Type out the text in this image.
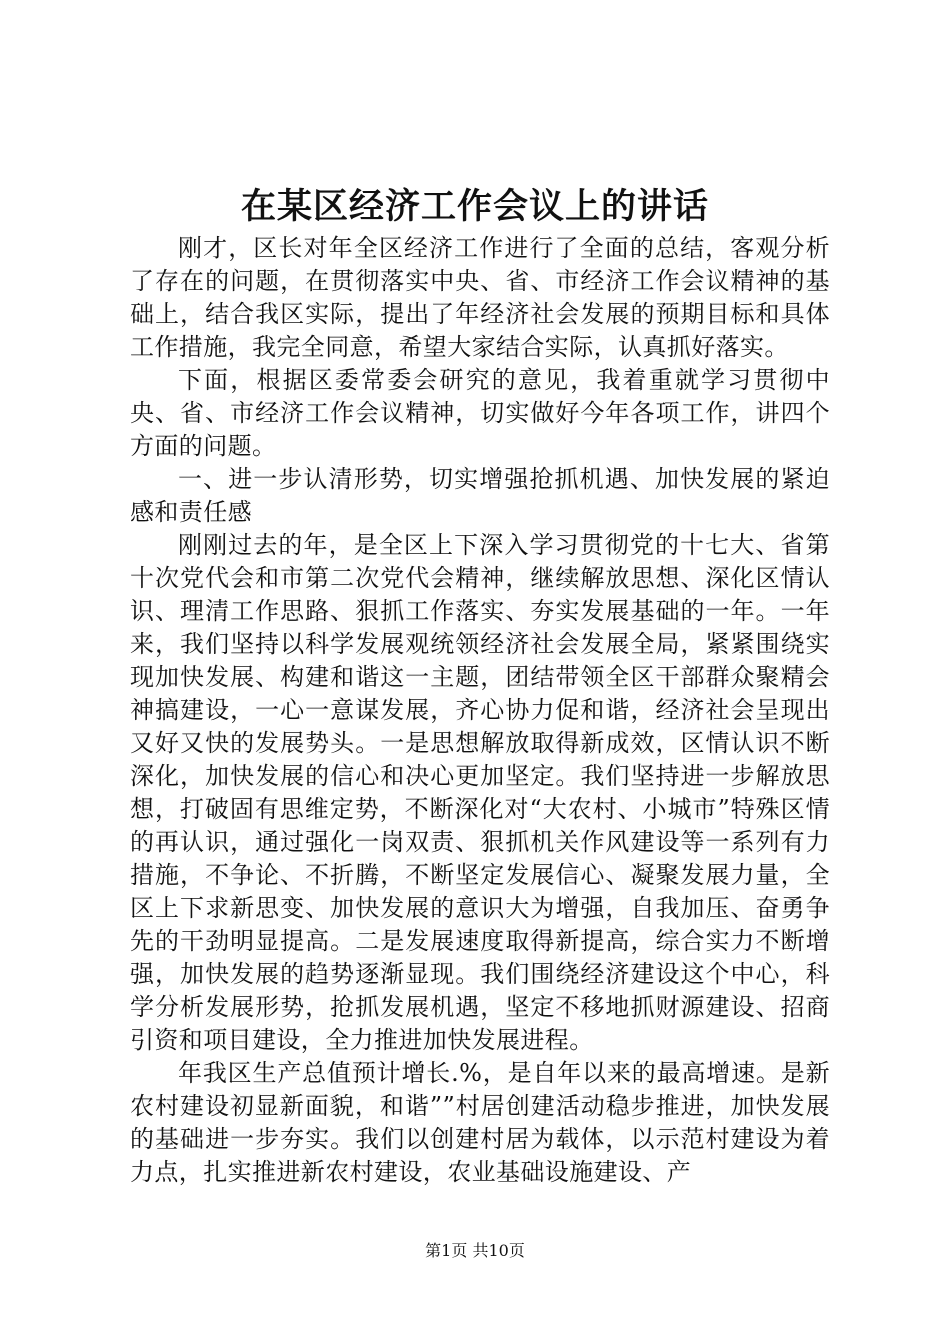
在某区经济工作会议上的讲话

刚才，区长对年全区经济工作进行了全面的总结，客观分析了存在的问题，在贯彻落实中央、省、市经济工作会议精神的基础上，结合我区实际，提出了年经济社会发展的预期目标和具体工作措施，我完全同意，希望大家结合实际，认真抓好落实。

下面，根据区委常委会研究的意见，我着重就学习贯彻中央、省、市经济工作会议精神，切实做好今年各项工作，讲四个方面的问题。

一、进一步认清形势，切实增强抢抓机遇、加快发展的紧迫感和责任感

刚刚过去的年，是全区上下深入学习贯彻党的十七大、省第十次党代会和市第二次党代会精神，继续解放思想、深化区情认识、理清工作思路、狠抓工作落实、夯实发展基础的一年。一年来，我们坚持以科学发展观统领经济社会发展全局，紧紧围绕实现加快发展、构建和谐这一主题，团结带领全区干部群众聚精会神搞建设，一心一意谋发展，齐心协力促和谐，经济社会呈现出又好又快的发展势头。一是思想解放取得新成效，区情认识不断深化，加快发展的信心和决心更加坚定。我们坚持进一步解放思想，打破固有思维定势，不断深化对“大农村、小城市”特殊区情的再认识，通过强化一岗双责、狠抓机关作风建设等一系列有力措施，不争论、不折腾，不断坚定发展信心、凝聚发展力量，全区上下求新思变、加快发展的意识大为增强，自我加压、奋勇争先的干劲明显提高。二是发展速度取得新提高，综合实力不断增强，加快发展的趋势逐渐显现。我们围绕经济建设这个中心，科学分析发展形势，抢抓发展机遇，坚定不移地抓财源建设、招商引资和项目建设，全力推进加快发展进程。

年我区生产总值预计增长.%，是自年以来的最高增速。是新农村建设初显新面貌，和谐””村居创建活动稳步推进，加快发展的基础进一步夯实。我们以创建村居为载体，以示范村建设为着力点，扎实推进新农村建设，农业基础设施建设、产

第1页 共10页
